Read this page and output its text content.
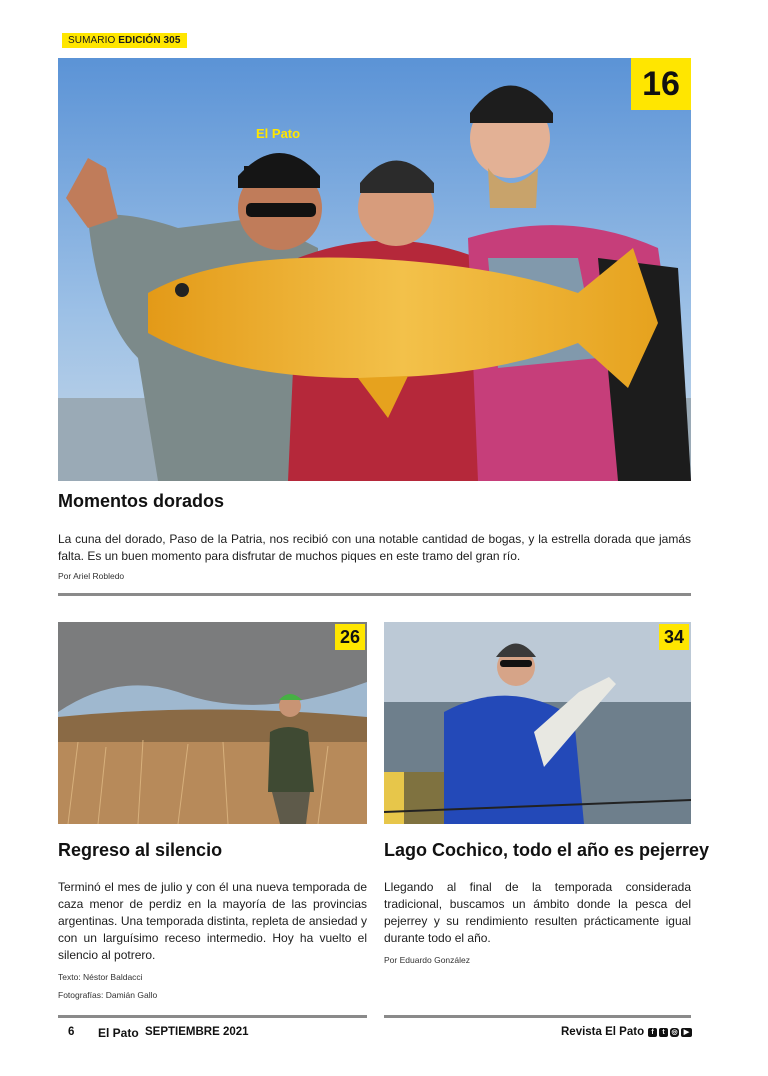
SUMARIO EDICIÓN 305
El Pato
16
Momentos dorados
La cuna del dorado, Paso de la Patria, nos recibió con una notable cantidad de bogas, y la estrella dorada que jamás falta. Es un buen momento para disfrutar de muchos piques en este tramo del gran río.
Por Ariel Robledo
26	34
Regreso al silencio
Terminó el mes de julio y con él una nueva temporada de caza menor de perdiz en la mayoría de las provincias argentinas. Una temporada distinta, repleta de ansiedad y con un larguísimo receso intermedio. Hoy ha vuelto el silencio al potrero.
Texto: Néstor Baldacci
Fotografías: Damián Gallo
Lago Cochico, todo el año es pejerrey
Llegando al final de la temporada considerada tradicional, buscamos un ámbito donde la pesca del pejerrey y su rendimiento resulten prácticamente igual durante todo el año.
Por Eduardo González
6 El Pato SEPTIEMBRE 2021	Revista El Pato	f	t ◎ ▶
